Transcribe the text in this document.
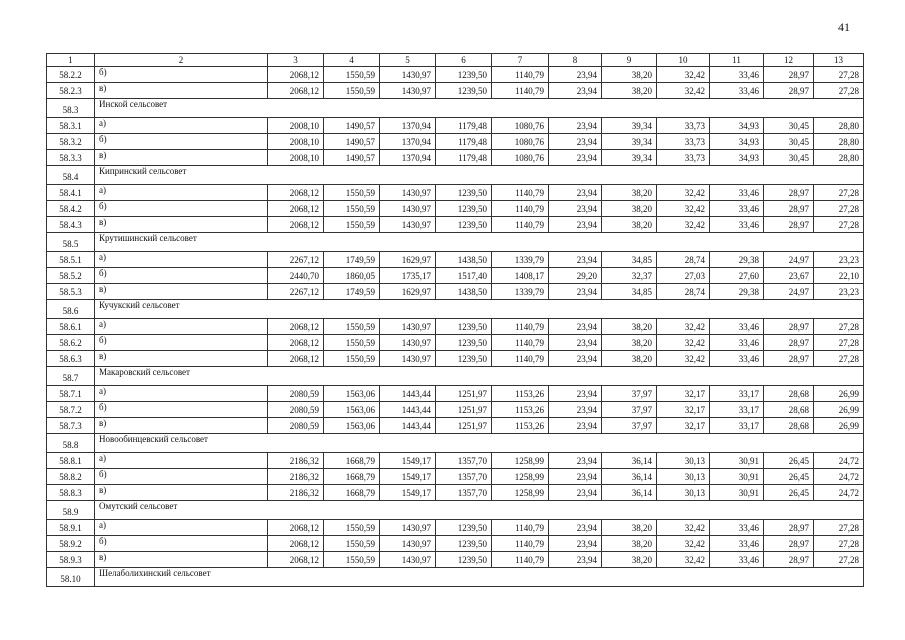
41
1	2	3	4	5	6	7	8	9	10	11	12	13
58.2.2	б)	2068,12	1550,59	1430,97	1239,50	1140,79	23,94	38,20	32,42	33,46	28,97	27,28
58.2.3	в)	2068,12	1550,59	1430,97	1239,50	1140,79	23,94	38,20	32,42	33,46	28,97	27,28
58.3	Инской сельсовет											
58.3.1	а)	2008,10	1490,57	1370,94	1179,48	1080,76	23,94	39,34	33,73	34,93	30,45	28,80
58.3.2	б)	2008,10	1490,57	1370,94	1179,48	1080,76	23,94	39,34	33,73	34,93	30,45	28,80
58.3.3	в)	2008,10	1490,57	1370,94	1179,48	1080,76	23,94	39,34	33,73	34,93	30,45	28,80
58.4	Кипринский сельсовет											
58.4.1	а)	2068,12	1550,59	1430,97	1239,50	1140,79	23,94	38,20	32,42	33,46	28,97	27,28
58.4.2	б)	2068,12	1550,59	1430,97	1239,50	1140,79	23,94	38,20	32,42	33,46	28,97	27,28
58.4.3	в)	2068,12	1550,59	1430,97	1239,50	1140,79	23,94	38,20	32,42	33,46	28,97	27,28
58.5	Крутишинский сельсовет											
58.5.1	а)	2267,12	1749,59	1629,97	1438,50	1339,79	23,94	34,85	28,74	29,38	24,97	23,23
58.5.2	б)	2440,70	1860,05	1735,17	1517,40	1408,17	29,20	32,37	27,03	27,60	23,67	22,10
58.5.3	в)	2267,12	1749,59	1629,97	1438,50	1339,79	23,94	34,85	28,74	29,38	24,97	23,23
58.6	Кучукский сельсовет											
58.6.1	а)	2068,12	1550,59	1430,97	1239,50	1140,79	23,94	38,20	32,42	33,46	28,97	27,28
58.6.2	б)	2068,12	1550,59	1430,97	1239,50	1140,79	23,94	38,20	32,42	33,46	28,97	27,28
58.6.3	в)	2068,12	1550,59	1430,97	1239,50	1140,79	23,94	38,20	32,42	33,46	28,97	27,28
58.7	Макаровский сельсовет											
58.7.1	а)	2080,59	1563,06	1443,44	1251,97	1153,26	23,94	37,97	32,17	33,17	28,68	26,99
58.7.2	б)	2080,59	1563,06	1443,44	1251,97	1153,26	23,94	37,97	32,17	33,17	28,68	26,99
58.7.3	в)	2080,59	1563,06	1443,44	1251,97	1153,26	23,94	37,97	32,17	33,17	28,68	26,99
58.8	Новообинцевский сельсовет											
58.8.1	а)	2186,32	1668,79	1549,17	1357,70	1258,99	23,94	36,14	30,13	30,91	26,45	24,72
58.8.2	б)	2186,32	1668,79	1549,17	1357,70	1258,99	23,94	36,14	30,13	30,91	26,45	24,72
58.8.3	в)	2186,32	1668,79	1549,17	1357,70	1258,99	23,94	36,14	30,13	30,91	26,45	24,72
58.9	Омутский сельсовет											
58.9.1	а)	2068,12	1550,59	1430,97	1239,50	1140,79	23,94	38,20	32,42	33,46	28,97	27,28
58.9.2	б)	2068,12	1550,59	1430,97	1239,50	1140,79	23,94	38,20	32,42	33,46	28,97	27,28
58.9.3	в)	2068,12	1550,59	1430,97	1239,50	1140,79	23,94	38,20	32,42	33,46	28,97	27,28
58.10	Шелаболихинский сельсовет											
